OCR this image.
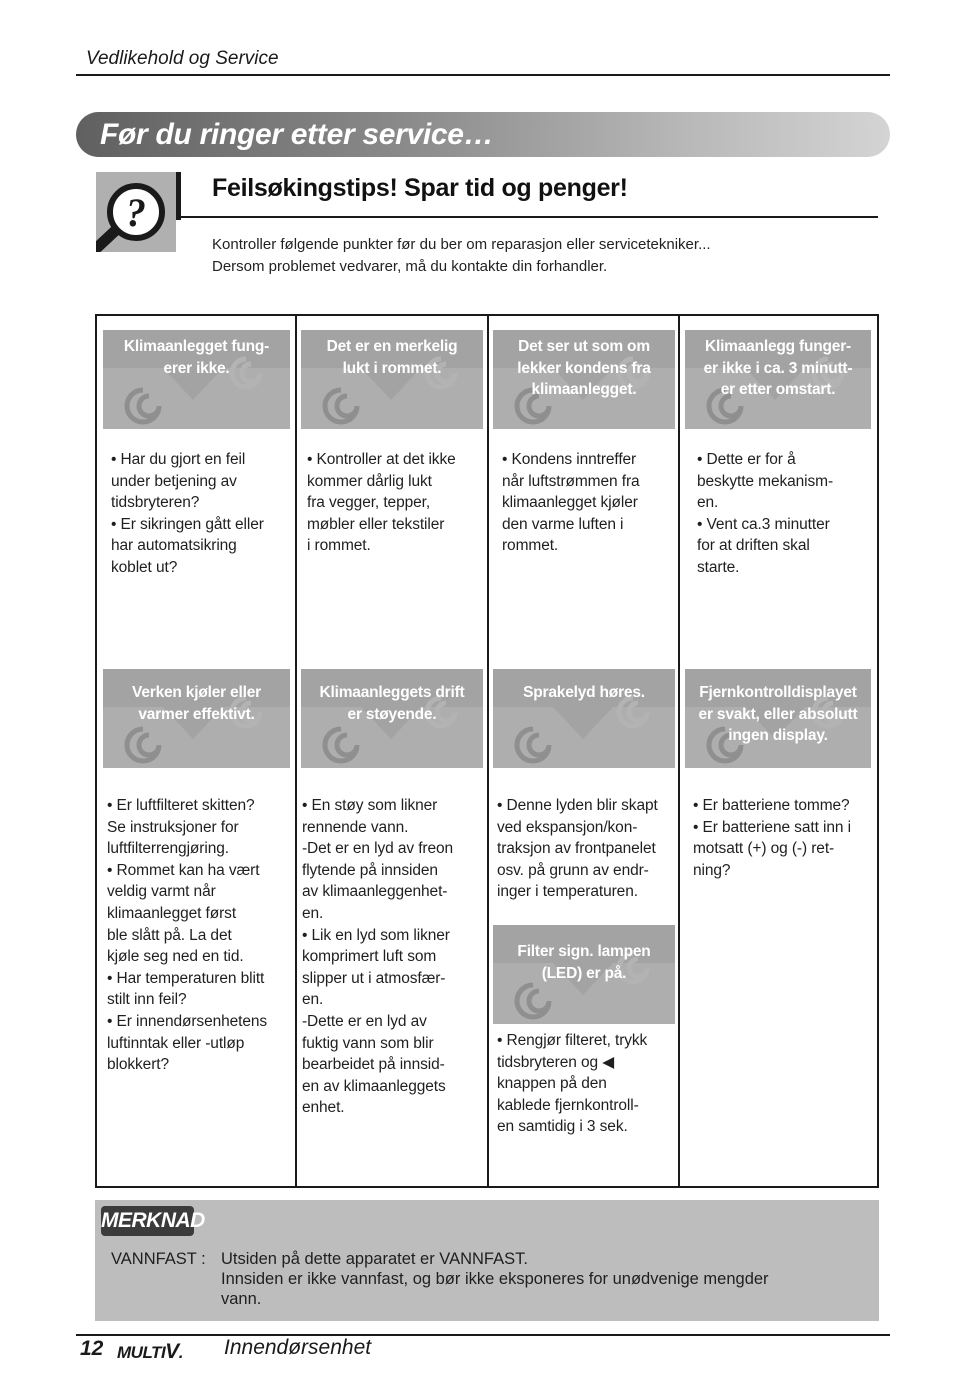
Vedlikehold og Service
Før du ringer etter service…
?
Feilsøkingstips! Spar tid og penger!
Kontroller følgende punkter før du ber om reparasjon eller servicetekniker...
Dersom problemet vedvarer, må du kontakte din forhandler.
Klimaanlegget fung-
erer ikke.
Det er en merkelig
lukt i rommet.
Det ser ut som om
lekker kondens fra
klimaanlegget.
Klimaanlegg funger-
er ikke i ca. 3 minutt-
er etter omstart.
• Har du gjort en feil
under betjening av
tidsbryteren?
• Er sikringen gått eller
har automatsikring
koblet ut?
• Kontroller at det ikke
kommer dårlig lukt
fra vegger, tepper,
møbler eller tekstiler
i rommet.
• Kondens inntreffer
når luftstrømmen fra
klimaanlegget kjøler
den varme luften i
rommet.
• Dette er for å
beskytte mekanism-
en.
• Vent ca.3 minutter
for at driften skal
starte.
Verken kjøler eller
varmer effektivt.
Klimaanleggets drift
er støyende.
Sprakelyd høres.	Fjernkontrolldisplayet
er svakt, eller absolutt
ingen display.
• Er luftfilteret skitten?
Se instruksjoner for
luftfilterrengjøring.
• Rommet kan ha vært
veldig varmt når
klimaanlegget først
ble slått på. La det
kjøle seg ned en tid.
• Har temperaturen blitt
stilt inn feil?
• Er innendørsenhetens
luftinntak eller -utløp
blokkert?
• En støy som likner
rennende vann.
-Det er en lyd av freon
flytende på innsiden
av klimaanleggenhet-
en.
• Lik en lyd som likner
komprimert luft som
slipper ut i atmosfær-
en.
-Dette er en lyd av
fuktig vann som blir
bearbeidet på innsid-
en av klimaanleggets
enhet.
• Denne lyden blir skapt
ved ekspansjon/kon-
traksjon av frontpanelet
osv. på grunn av endr-
inger i temperaturen.
• Er batteriene tomme?
• Er batteriene satt inn i
motsatt (+) og (-) ret-
ning?
Filter sign. lampen
(LED) er på.
• Rengjør filteret, trykk
tidsbryteren og ◀
knappen på den
kablede fjernkontroll-
en samtidig i 3 sek.
MERKNAD
VANNFAST : Utsiden på dette apparatet er VANNFAST.
Innsiden er ikke vannfast, og bør ikke eksponeres for unødvenige mengder
vann.
12 MULTIV. Innendørsenhet
